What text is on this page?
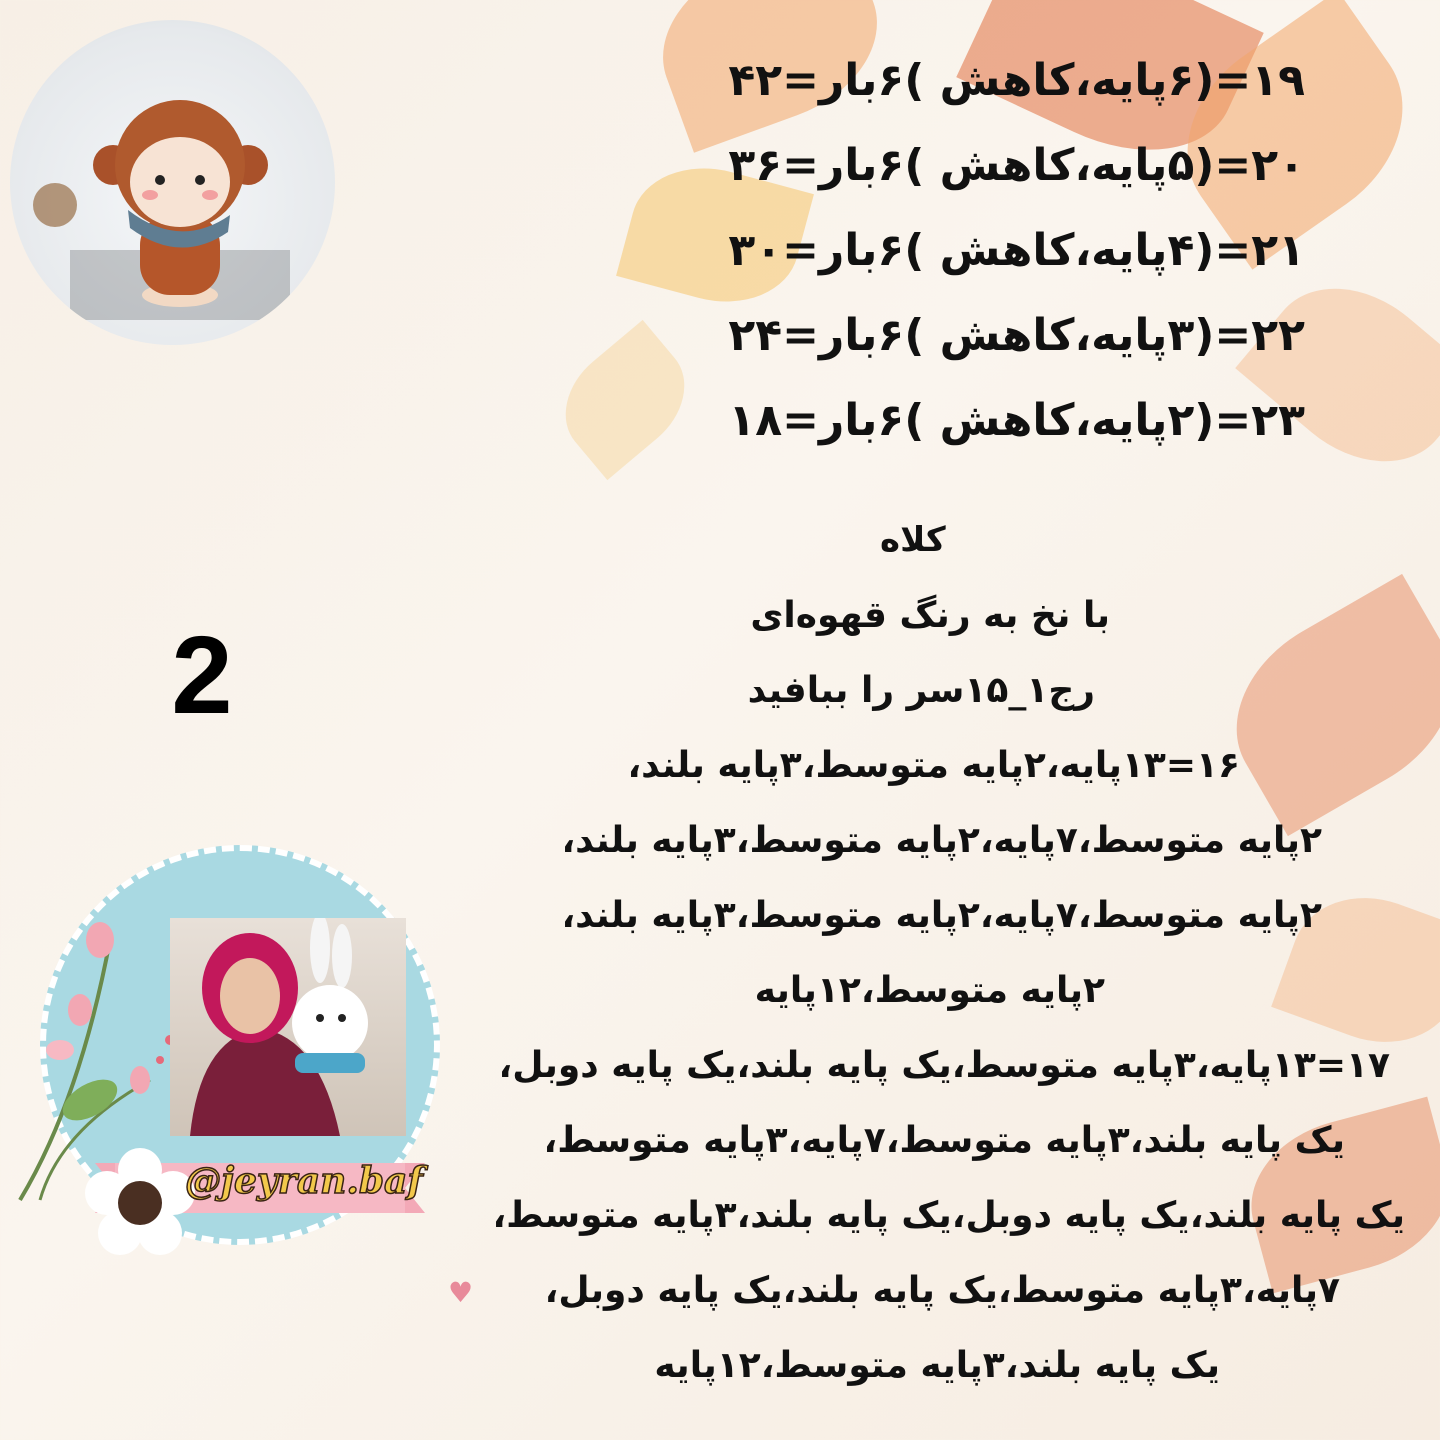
۱۹=(۶پایه،کاهش )۶بار=۴۲
۲۰=(۵پایه،کاهش )۶بار=۳۶
۲۱=(۴پایه،کاهش )۶بار=۳۰
۲۲=(۳پایه،کاهش )۶بار=۲۴
۲۳=(۲پایه،کاهش )۶بار=۱۸
کلاه
با نخ به رنگ قهوه‌ای
رج۱_۱۵سر را ببافید
۱۶=۱۳پایه،۲پایه متوسط،۳پایه بلند،
۲پایه متوسط،۷پایه،۲پایه متوسط،۳پایه بلند،
۲پایه متوسط،۷پایه،۲پایه متوسط،۳پایه بلند،
۲پایه متوسط،۱۲پایه
۱۷=۱۳پایه،۳پایه متوسط،یک پایه بلند،یک پایه دوبل،
یک پایه بلند،۳پایه متوسط،۷پایه،۳پایه متوسط،
یک پایه بلند،یک پایه دوبل،یک پایه بلند،۳پایه متوسط،
۷پایه،۳پایه متوسط،یک پایه بلند،یک پایه دوبل،
یک پایه بلند،۳پایه متوسط،۱۲پایه
2
@jeyran.baf
♥
